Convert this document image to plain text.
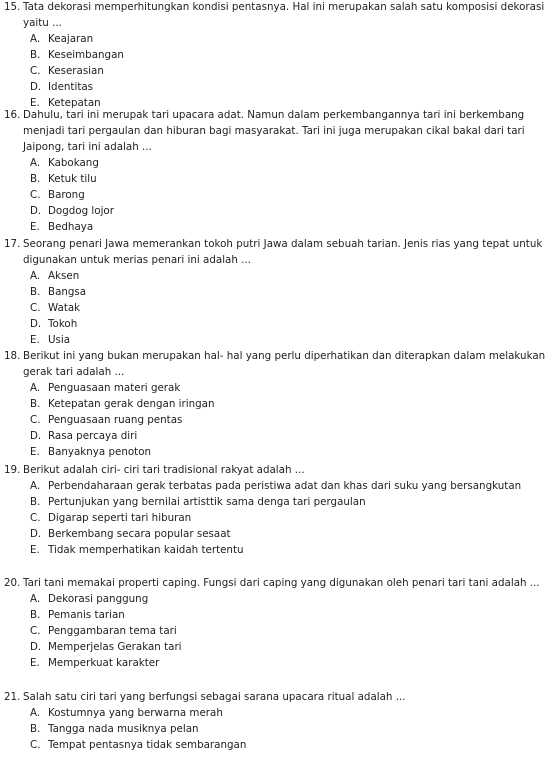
15. Tata dekorasi memperhitungkan kondisi pentasnya. Hal ini merupakan salah satu komposisi dekorasi yaitu ...
A. Keajaran
B. Keseimbangan
C. Keserasian
D. Identitas
E. Ketepatan
16. Dahulu, tari ini merupak tari upacara adat. Namun dalam perkembangannya tari ini berkembang menjadi tari pergaulan dan hiburan bagi masyarakat. Tari ini juga merupakan cikal bakal dari tari Jaipong, tari ini adalah ...
A. Kabokang
B. Ketuk tilu
C. Barong
D. Dogdog lojor
E. Bedhaya
17. Seorang penari Jawa memerankan tokoh putri Jawa dalam sebuah tarian. Jenis rias yang tepat untuk digunakan untuk merias penari ini adalah ...
A. Aksen
B. Bangsa
C. Watak
D. Tokoh
E. Usia
18. Berikut ini yang bukan merupakan hal- hal yang perlu diperhatikan dan diterapkan dalam melakukan gerak tari adalah ...
A. Penguasaan materi gerak
B. Ketepatan gerak dengan iringan
C. Penguasaan ruang pentas
D. Rasa percaya diri
E. Banyaknya penoton
19. Berikut adalah ciri- ciri tari tradisional rakyat adalah ...
A. Perbendaharaan gerak terbatas pada peristiwa adat dan khas dari suku yang bersangkutan
B. Pertunjukan yang bernilai artisttik sama denga tari pergaulan
C. Digarap seperti tari hiburan
D. Berkembang secara popular sesaat
E. Tidak memperhatikan kaidah tertentu
20. Tari tani memakai properti caping. Fungsi dari caping yang digunakan oleh penari tari tani adalah ...
A. Dekorasi panggung
B. Pemanis tarian
C. Penggambaran tema tari
D. Memperjelas Gerakan tari
E. Memperkuat karakter
21. Salah satu ciri tari yang berfungsi sebagai sarana upacara ritual adalah ...
A. Kostumnya yang berwarna merah
B. Tangga nada musiknya pelan
C. Tempat pentasnya tidak sembarangan
